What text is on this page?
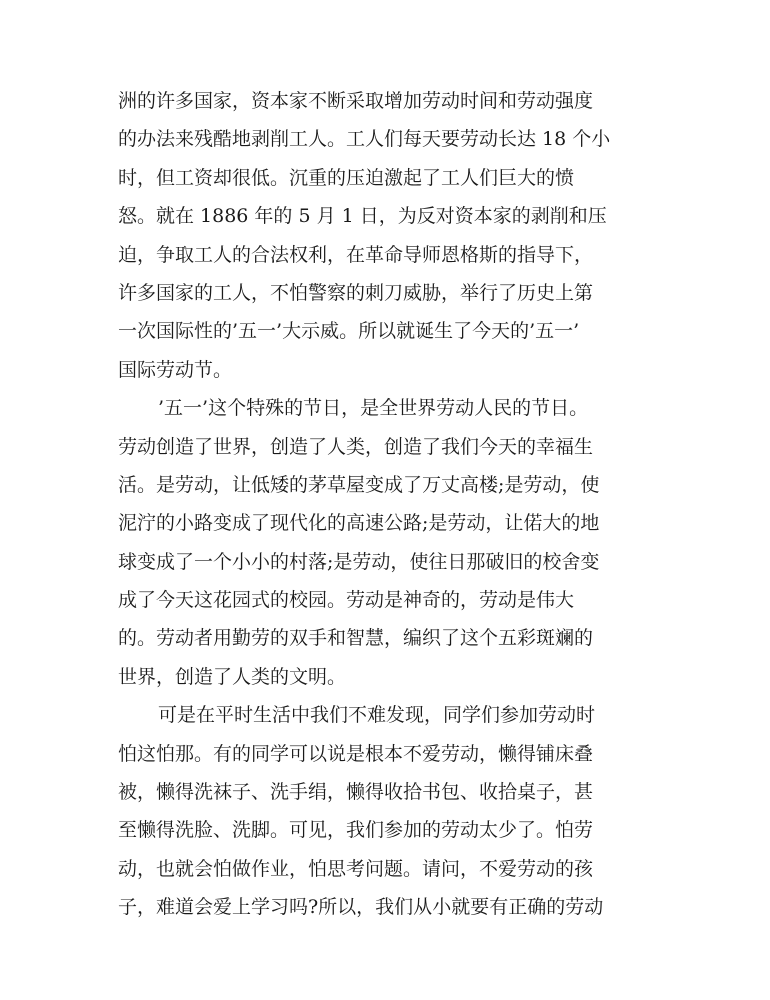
洲的许多国家，资本家不断采取增加劳动时间和劳动强度
的办法来残酷地剥削工人。工人们每天要劳动长达 18 个小
时，但工资却很低。沉重的压迫激起了工人们巨大的愤
怒。就在 1886 年的 5 月 1 日，为反对资本家的剥削和压
迫，争取工人的合法权利，在革命导师恩格斯的指导下，
许多国家的工人，不怕警察的刺刀威胁，举行了历史上第
一次国际性的’五一’大示威。所以就诞生了今天的’五一’
国际劳动节。
’五一’这个特殊的节日，是全世界劳动人民的节日。
劳动创造了世界，创造了人类，创造了我们今天的幸福生
活。是劳动，让低矮的茅草屋变成了万丈高楼;是劳动，使
泥泞的小路变成了现代化的高速公路;是劳动，让偌大的地
球变成了一个小小的村落;是劳动，使往日那破旧的校舍变
成了今天这花园式的校园。劳动是神奇的，劳动是伟大
的。劳动者用勤劳的双手和智慧，编织了这个五彩斑斓的
世界，创造了人类的文明。
可是在平时生活中我们不难发现，同学们参加劳动时
怕这怕那。有的同学可以说是根本不爱劳动，懒得铺床叠
被，懒得洗袜子、洗手绢，懒得收拾书包、收拾桌子，甚
至懒得洗脸、洗脚。可见，我们参加的劳动太少了。怕劳
动，也就会怕做作业，怕思考问题。请问，不爱劳动的孩
子，难道会爱上学习吗?所以，我们从小就要有正确的劳动
